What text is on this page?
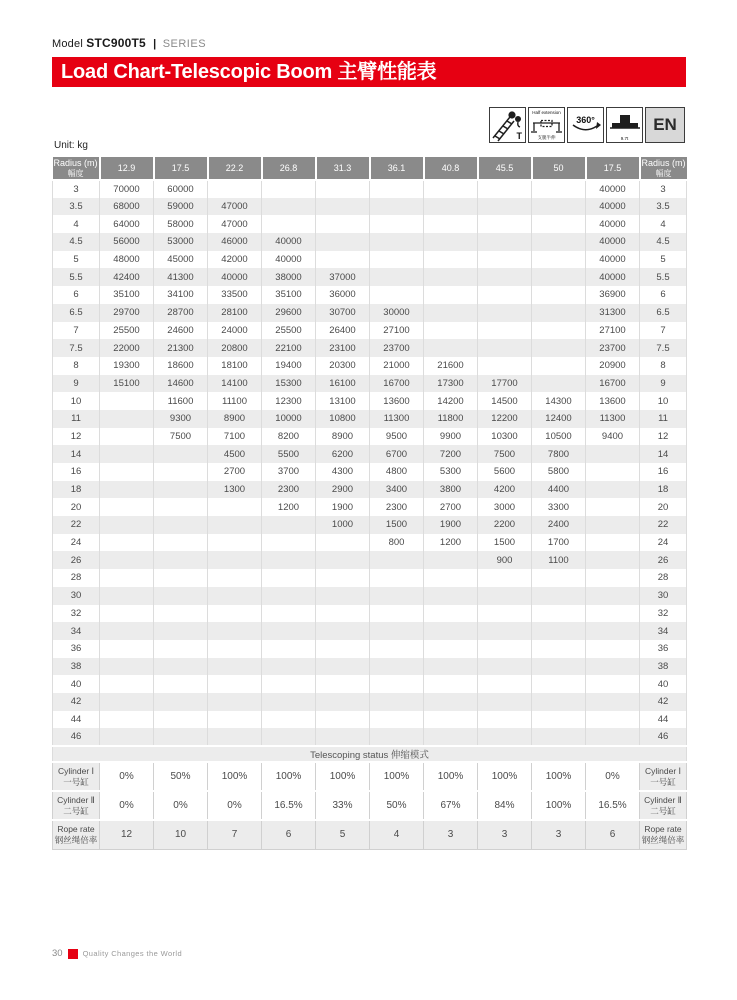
Model STC900T5 | SERIES
Load Chart-Telescopic Boom 主臂性能表
T
Half extension
支腿半伸
360°
9.7t
EN
Unit: kg
Radius (m)
幅度	12.9	17.5	22.2	26.8	31.3	36.1	40.8	45.5	50	17.5	Radius (m)
幅度

3	70000	60000								40000	3
3.5	68000	59000	47000							40000	3.5
4	64000	58000	47000							40000	4
4.5	56000	53000	46000	40000						40000	4.5
5	48000	45000	42000	40000						40000	5
5.5	42400	41300	40000	38000	37000					40000	5.5
6	35100	34100	33500	35100	36000					36900	6
6.5	29700	28700	28100	29600	30700	30000				31300	6.5
7	25500	24600	24000	25500	26400	27100				27100	7
7.5	22000	21300	20800	22100	23100	23700				23700	7.5
8	19300	18600	18100	19400	20300	21000	21600			20900	8
9	15100	14600	14100	15300	16100	16700	17300	17700		16700	9
10		11600	11100	12300	13100	13600	14200	14500	14300	13600	10
11		9300	8900	10000	10800	11300	11800	12200	12400	11300	11
12		7500	7100	8200	8900	9500	9900	10300	10500	9400	12
14			4500	5500	6200	6700	7200	7500	7800		14
16			2700	3700	4300	4800	5300	5600	5800		16
18			1300	2300	2900	3400	3800	4200	4400		18
20				1200	1900	2300	2700	3000	3300		20
22					1000	1500	1900	2200	2400		22
24						800	1200	1500	1700		24
26								900	1100		26
28											28
30											30
32											32
34											34
36											36
38											38
40											40
42											42
44											44
46											46
Telescoping status 伸缩模式											
Cylinder Ⅰ
一号缸	0%	50%	100%	100%	100%	100%	100%	100%	100%	0%	Cylinder Ⅰ
一号缸
Cylinder Ⅱ
二号缸	0%	0%	0%	16.5%	33%	50%	67%	84%	100%	16.5%	Cylinder Ⅱ
二号缸
Rope rate
钢丝绳倍率	12	10	7	6	5	4	3	3	3	6	Rope rate
钢丝绳倍率
30	Quality Changes the World
